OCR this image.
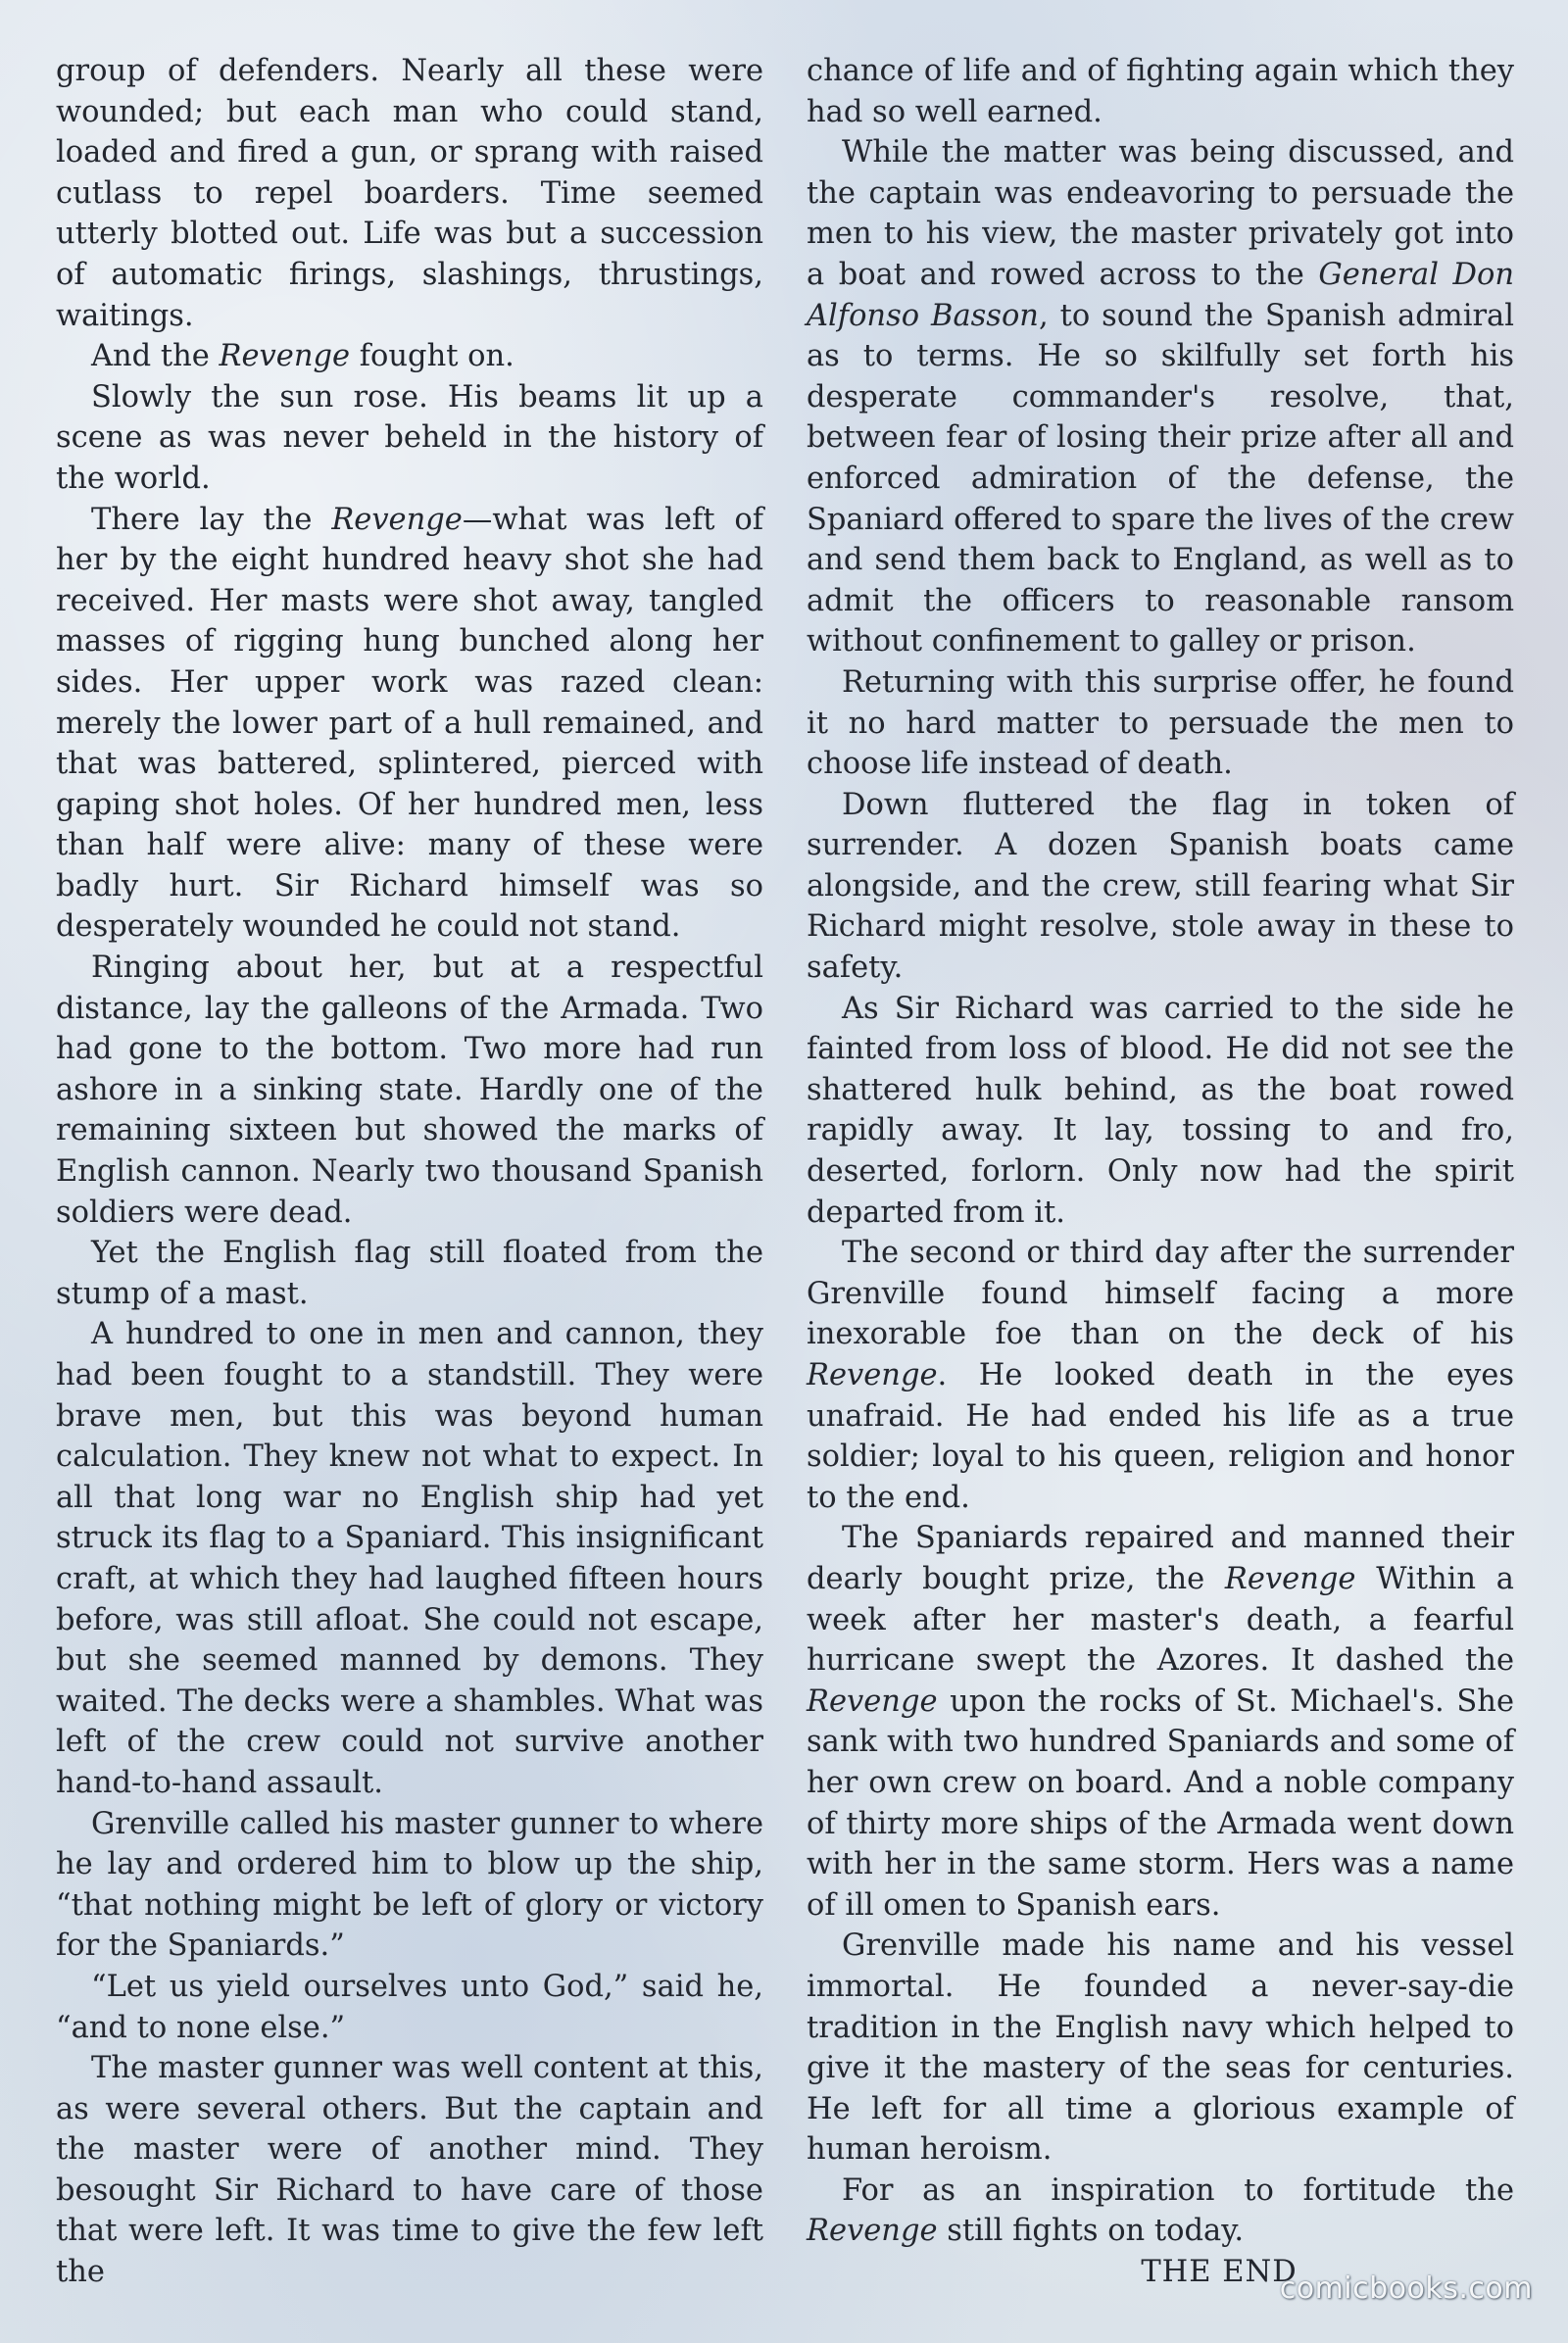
group of defenders. Nearly all these were wounded; but each man who could stand, loaded and fired a gun, or sprang with raised cutlass to repel boarders. Time seemed utterly blotted out. Life was but a succession of automatic firings, slashings, thrustings, waitings.

And the Revenge fought on.

Slowly the sun rose. His beams lit up a scene as was never beheld in the history of the world.

There lay the Revenge—what was left of her by the eight hundred heavy shot she had received. Her masts were shot away, tangled masses of rigging hung bunched along her sides. Her upper work was razed clean: merely the lower part of a hull remained, and that was battered, splintered, pierced with gaping shot holes. Of her hundred men, less than half were alive: many of these were badly hurt. Sir Richard himself was so desperately wounded he could not stand.

Ringing about her, but at a respectful distance, lay the galleons of the Armada. Two had gone to the bottom. Two more had run ashore in a sinking state. Hardly one of the remaining sixteen but showed the marks of English cannon. Nearly two thousand Spanish soldiers were dead.

Yet the English flag still floated from the stump of a mast.

A hundred to one in men and cannon, they had been fought to a standstill. They were brave men, but this was beyond human calculation. They knew not what to expect. In all that long war no English ship had yet struck its flag to a Spaniard. This insignificant craft, at which they had laughed fifteen hours before, was still afloat. She could not escape, but she seemed manned by demons. They waited. The decks were a shambles. What was left of the crew could not survive another hand-to-hand assault.

Grenville called his master gunner to where he lay and ordered him to blow up the ship, “that nothing might be left of glory or victory for the Spaniards.”

“Let us yield ourselves unto God,” said he, “and to none else.”

The master gunner was well content at this, as were several others. But the captain and the master were of another mind. They besought Sir Richard to have care of those that were left. It was time to give the few left the

chance of life and of fighting again which they had so well earned.

While the matter was being discussed, and the captain was endeavoring to persuade the men to his view, the master privately got into a boat and rowed across to the General Don Alfonso Basson, to sound the Spanish admiral as to terms. He so skilfully set forth his desperate commander's resolve, that, between fear of losing their prize after all and enforced admiration of the defense, the Spaniard offered to spare the lives of the crew and send them back to England, as well as to admit the officers to reasonable ransom without confinement to galley or prison.

Returning with this surprise offer, he found it no hard matter to persuade the men to choose life instead of death.

Down fluttered the flag in token of surrender. A dozen Spanish boats came alongside, and the crew, still fearing what Sir Richard might resolve, stole away in these to safety.

As Sir Richard was carried to the side he fainted from loss of blood. He did not see the shattered hulk behind, as the boat rowed rapidly away. It lay, tossing to and fro, deserted, forlorn. Only now had the spirit departed from it.

The second or third day after the surrender Grenville found himself facing a more inexorable foe than on the deck of his Revenge. He looked death in the eyes unafraid. He had ended his life as a true soldier; loyal to his queen, religion and honor to the end.

The Spaniards repaired and manned their dearly bought prize, the Revenge Within a week after her master's death, a fearful hurricane swept the Azores. It dashed the Revenge upon the rocks of St. Michael's. She sank with two hundred Spaniards and some of her own crew on board. And a noble company of thirty more ships of the Armada went down with her in the same storm. Hers was a name of ill omen to Spanish ears.

Grenville made his name and his vessel immortal. He founded a never-say-die tradition in the English navy which helped to give it the mastery of the seas for centuries. He left for all time a glorious example of human heroism.

For as an inspiration to fortitude the Revenge still fights on today.

THE END

comicbooks.com
